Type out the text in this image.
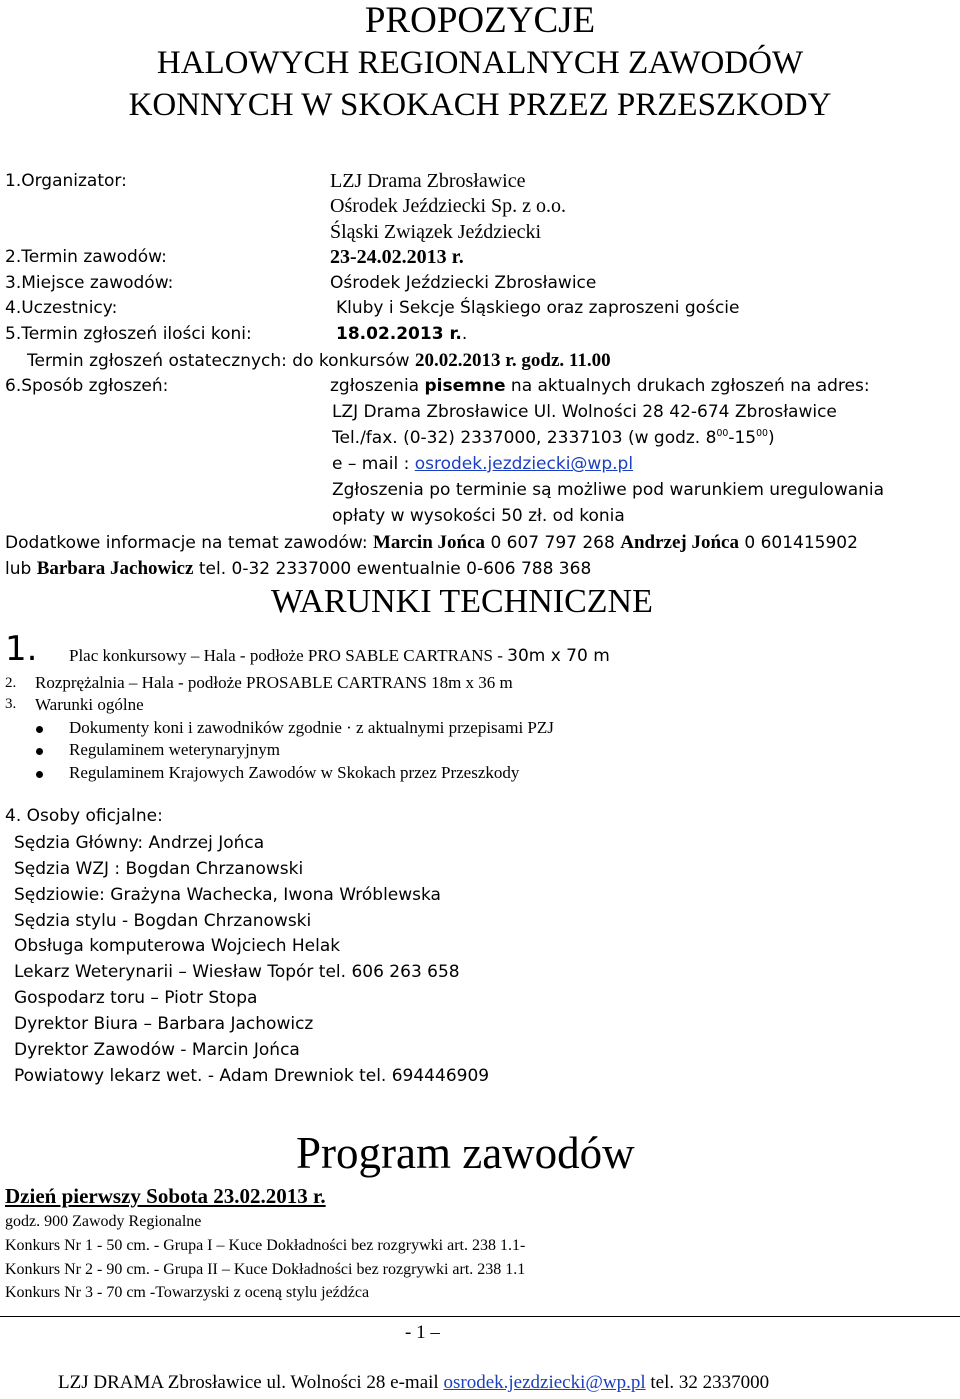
PROPOZYCJE
HALOWYCH REGIONALNYCH ZAWODÓW
KONNYCH W SKOKACH PRZEZ PRZESZKODY
1.Organizator:	LZJ Drama Zbrosławice
Ośrodek Jeździecki Sp. z o.o.
Śląski Związek Jeździecki
2.Termin zawodów:	23-24.02.2013 r.
3.Miejsce zawodów:	Ośrodek Jeździecki Zbrosławice
4.Uczestnicy:	Kluby i Sekcje Śląskiego oraz zaproszeni goście
5.Termin zgłoszeń ilości koni:	18.02.2013 r..
Termin zgłoszeń ostatecznych: do konkursów 20.02.2013 r. godz. 11.00
6.Sposób zgłoszeń:	zgłoszenia pisemne na aktualnych drukach zgłoszeń na adres:
LZJ Drama Zbrosławice Ul. Wolności 28 42-674 Zbrosławice
Tel./fax. (0-32) 2337000, 2337103 (w godz. $8^{00}-15^{00}$)
e – mail : osrodek.jezdziecki@wp.pl
Zgłoszenia po terminie są możliwe pod warunkiem uregulowania
opłaty w wysokości 50 zł. od konia
Dodatkowe informacje na temat zawodów: Marcin Jońca 0 607 797 268 Andrzej Jońca 0 601415902
lub Barbara Jachowicz tel. 0-32 2337000 ewentualnie 0-606 788 368
WARUNKI TECHNICZNE
1. Plac konkursowy – Hala - podłoże PRO SABLE CARTRANS - 30m x 70 m
2. Rozprężalnia – Hala - podłoże PROSABLE CARTRANS 18m x 36 m
3. Warunki ogólne
Dokumenty koni i zawodników zgodnie · z aktualnymi przepisami PZJ
Regulaminem weterynaryjnym
Regulaminem Krajowych Zawodów w Skokach przez Przeszkody
4. Osoby oficjalne:
Sędzia Główny: Andrzej Jońca
Sędzia WZJ : Bogdan Chrzanowski
Sędziowie: Grażyna Wachecka, Iwona Wróblewska
Sędzia stylu - Bogdan Chrzanowski
Obsługa komputerowa Wojciech Helak
Lekarz Weterynarii – Wiesław Topór tel. 606 263 658
Gospodarz toru – Piotr Stopa
Dyrektor Biura – Barbara Jachowicz
Dyrektor Zawodów - Marcin Jońca
Powiatowy lekarz wet. - Adam Drewniok tel. 694446909
Program zawodów
Dzień pierwszy Sobota 23.02.2013 r.
godz. 900 Zawody Regionalne
Konkurs Nr 1 - 50 cm. - Grupa I – Kuce Dokładności bez rozgrywki art. 238 1.1-
Konkurs Nr 2 - 90 cm. - Grupa II – Kuce Dokładności bez rozgrywki art. 238 1.1
Konkurs Nr 3 - 70 cm -Towarzyski z oceną stylu jeźdźca
- 1 –
LZJ DRAMA Zbrosławice ul. Wolności 28 e-mail osrodek.jezdziecki@wp.pl tel. 32 2337000
